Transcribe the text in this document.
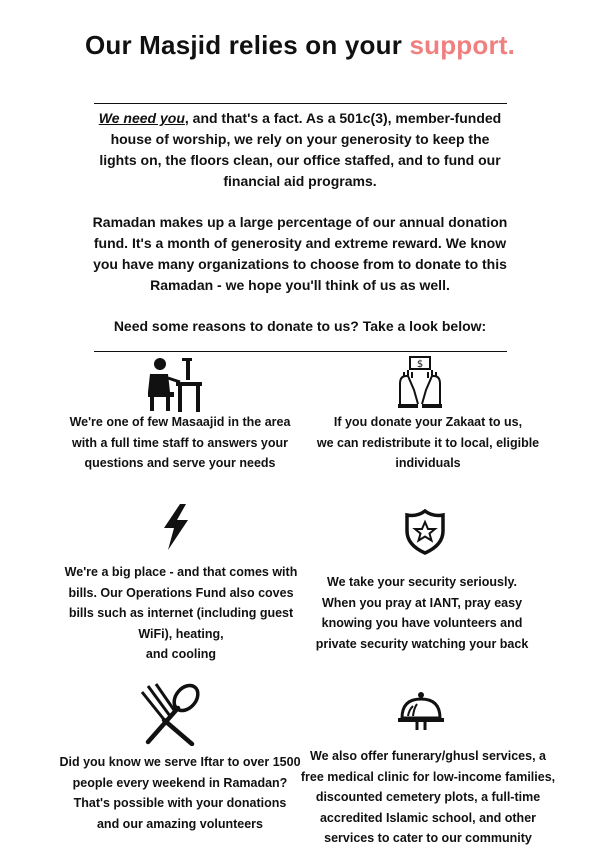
Our Masjid relies on your support.
We need you, and that's a fact. As a 501c(3), member-funded house of worship, we rely on your generosity to keep the lights on, the floors clean, our office staffed, and to fund our financial aid programs.
Ramadan makes up a large percentage of our annual donation fund. It's a month of generosity and extreme reward. We know you have many organizations to choose from to donate to this Ramadan - we hope you'll think of us as well.
Need some reasons to donate to us? Take a look below:
We're one of few Masaajid in the area with a full time staff to answers your questions and serve your needs
$
If you donate your Zakaat to us,
we can redistribute it to local, eligible individuals
We're a big place - and that comes with bills. Our Operations Fund also coves bills such as internet (including guest WiFi), heating,
and cooling
We take your security seriously. When you pray at IANT, pray easy knowing you have volunteers and private security watching your back
Did you know we serve Iftar to over 1500 people every weekend in Ramadan? That's possible with your donations
and our amazing volunteers
We also offer funerary/ghusl services, a free medical clinic for low-income families, discounted cemetery plots, a full-time accredited Islamic school, and other services to cater to our community
